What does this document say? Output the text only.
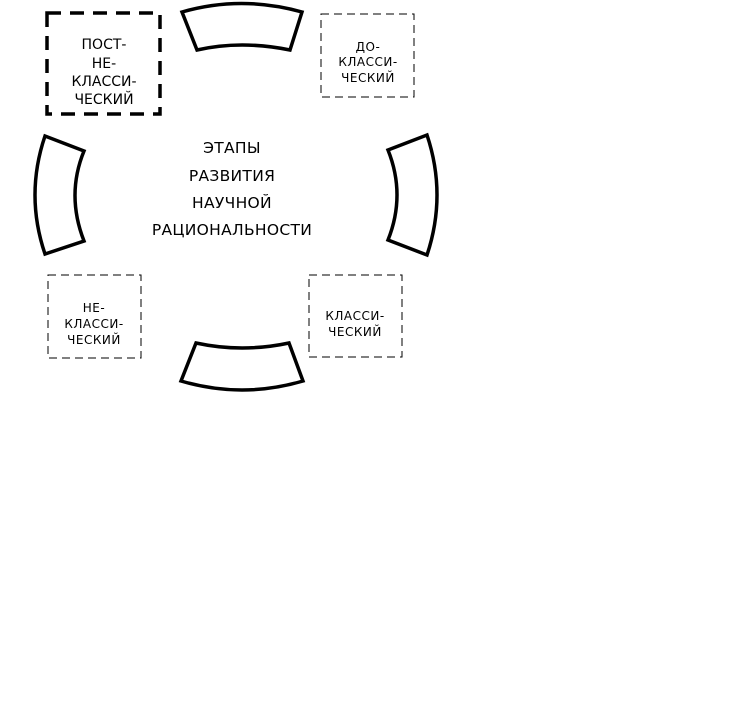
ЭТАПЫ
РАЗВИТИЯ
НАУЧНОЙ
РАЦИОНАЛЬНОСТИ
ПОСТ-
НЕ-
КЛАССИ-
ЧЕСКИЙ
ДО-
КЛАССИ-
ЧЕСКИЙ
НЕ-
КЛАССИ-
ЧЕСКИЙ
КЛАССИ-
ЧЕСКИЙ
